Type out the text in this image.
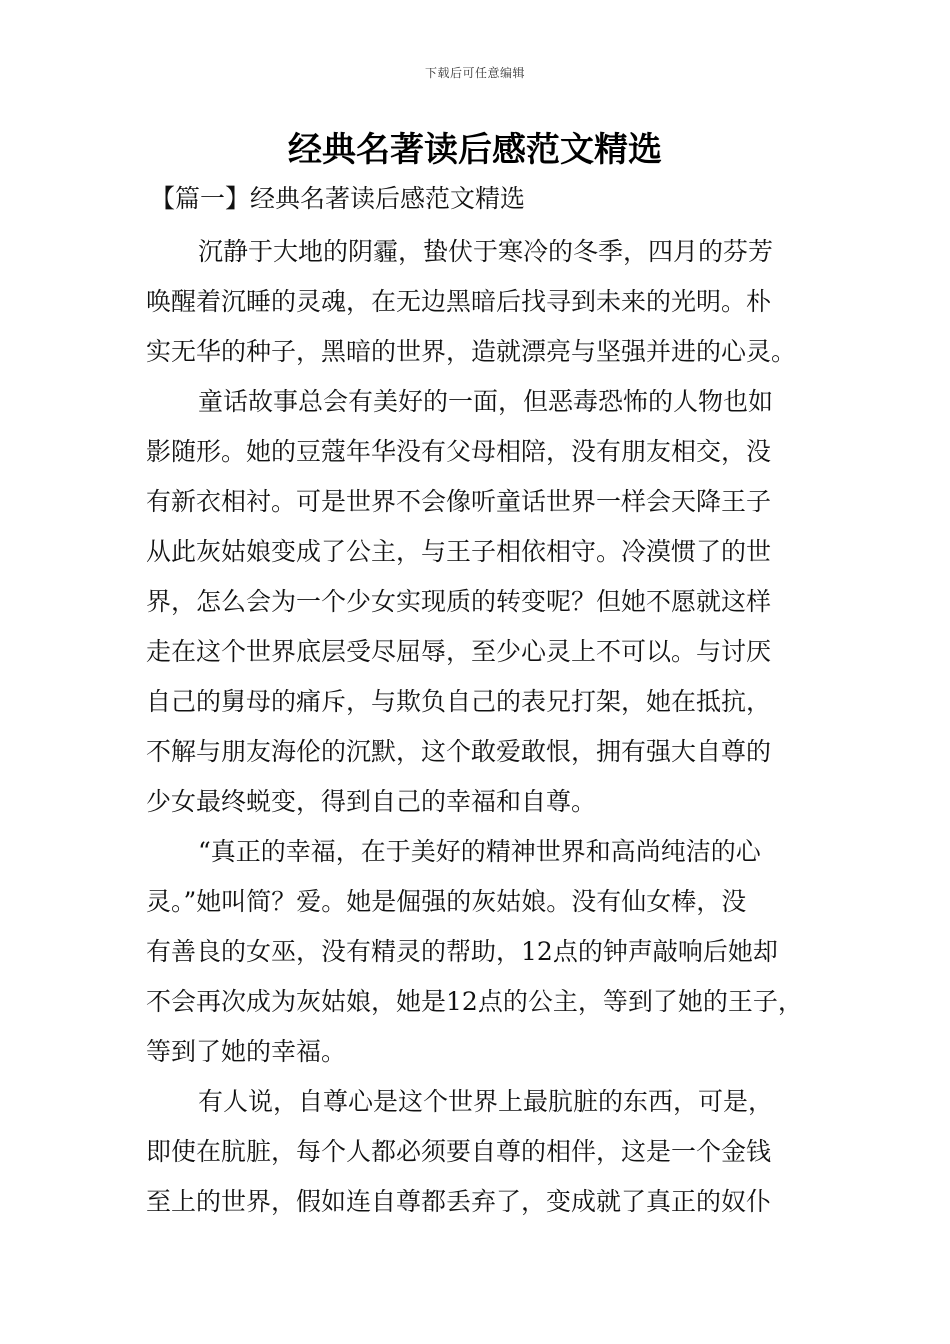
下载后可任意编辑
经典名著读后感范文精选
【篇一】经典名著读后感范文精选

沉静于大地的阴霾，蛰伏于寒冷的冬季，四月的芬芳
唤醒着沉睡的灵魂，在无边黑暗后找寻到未来的光明。朴
实无华的种子，黑暗的世界，造就漂亮与坚强并进的心灵。

童话故事总会有美好的一面，但恶毒恐怖的人物也如
影随形。她的豆蔻年华没有父母相陪，没有朋友相交，没
有新衣相衬。可是世界不会像听童话世界一样会天降王子
从此灰姑娘变成了公主，与王子相依相守。冷漠惯了的世
界，怎么会为一个少女实现质的转变呢？但她不愿就这样
走在这个世界底层受尽屈辱，至少心灵上不可以。与讨厌
自己的舅母的痛斥，与欺负自己的表兄打架，她在抵抗，
不解与朋友海伦的沉默，这个敢爱敢恨，拥有强大自尊的
少女最终蜕变，得到自己的幸福和自尊。

“真正的幸福，在于美好的精神世界和高尚纯洁的心
灵。”她叫简？爱。她是倔强的灰姑娘。没有仙女棒，没
有善良的女巫，没有精灵的帮助，12点的钟声敲响后她却
不会再次成为灰姑娘，她是12点的公主，等到了她的王子，
等到了她的幸福。

有人说，自尊心是这个世界上最肮脏的东西，可是，
即使在肮脏，每个人都必须要自尊的相伴，这是一个金钱
至上的世界，假如连自尊都丢弃了，变成就了真正的奴仆
